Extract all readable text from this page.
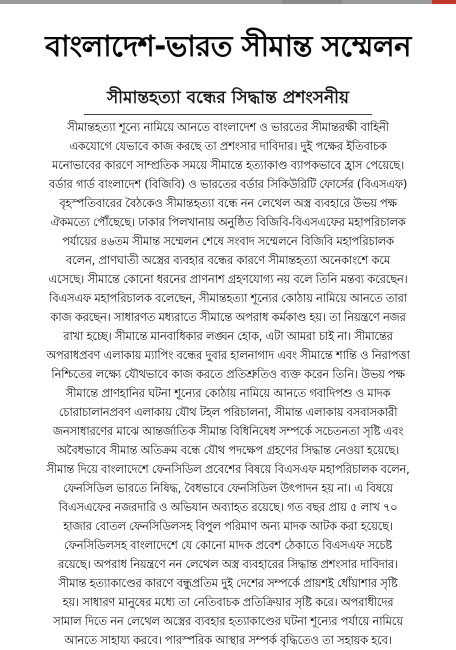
বাংলাদেশ-ভারত সীমান্ত সম্মেলন
সীমান্তহত্যা বন্ধের সিদ্ধান্ত প্রশংসনীয়
সীমান্তহত্যা শূন্যে নামিয়ে আনতে বাংলাদেশ ও ভারতের সীমান্তরক্ষী বাহিনী
একযোগে যেভাবে কাজ করছে তা প্রশংসার দাবিদার। দুই পক্ষের ইতিবাচক
মনোভাবের কারণে সাম্প্রতিক সময়ে সীমান্তে হত্যাকাণ্ড ব্যাপকভাবে হ্রাস পেয়েছে।
বর্ডার গার্ড বাংলাদেশ (বিজিবি) ও ভারতের বর্ডার সিকিউরিটি ফোর্সের (বিএসএফ)
বৃহস্পতিবারের বৈঠকেও সীমান্তহত্যা বন্ধে নন লেথেল অস্ত্র ব্যবহারে উভয় পক্ষ
ঐকমত্যে পৌঁছেছে। ঢাকার পিলখানায় অনুষ্ঠিত বিজিবি-বিএসএফের মহাপরিচালক
পর্যায়ের ৪৬তম সীমান্ত সম্মেলন শেষে সংবাদ সম্মেলনে বিজিবি মহাপরিচালক
বলেন, প্রাণঘাতী অস্ত্রের ব্যবহার বন্ধের কারণে সীমান্তহত্যা অনেকাংশে কমে
এসেছে। সীমান্তে কোনো ধরনের প্রাণনাশ গ্রহণযোগ্য নয় বলে তিনি মন্তব্য করেছেন।
বিএসএফ মহাপরিচালক বলেছেন, সীমান্তহত্যা শূন্যের কোঠায় নামিয়ে আনতে তারা
কাজ করছেন। সাধারণত মধ্যরাতে সীমান্তে অপরাধ কর্মকাণ্ড হয়। তা নিয়ন্ত্রণে নজর
রাখা হচ্ছে। সীমান্তে মানবাধিকার লঙ্ঘন হোক, এটা আমরা চাই না। সীমান্তের
অপরাধপ্রবণ এলাকায় ম্যাপিং বন্ধের দুবার হালনাগাদ এবং সীমান্তে শান্তি ও নিরাপত্তা
নিশ্চিতের লক্ষ্যে যৌথভাবে কাজ করতে প্রতিশ্রুতিও ব্যক্ত করেন তিনি। উভয় পক্ষ
সীমান্তে প্রাণহানির ঘটনা শূন্যের কোঠায় নামিয়ে আনতে গবাদিপশু ও মাদক
চোরাচালানপ্রবণ এলাকায় যৌথ টহল পরিচালনা, সীমান্ত এলাকায় বসবাসকারী
জনসাধারণের মাঝে আন্তর্জাতিক সীমান্ত বিধিনিষেধ সম্পর্কে সচেতনতা সৃষ্টি এবং
অবৈধভাবে সীমান্ত অতিক্রম বন্ধে যৌথ পদক্ষেপ গ্রহণের সিদ্ধান্ত নেওয়া হয়েছে।
সীমান্ত দিয়ে বাংলাদেশে ফেনসিডিল প্রবেশের বিষয়ে বিএসএফ মহাপরিচালক বলেন,
ফেনসিডিল ভারতে নিষিদ্ধ, বৈধভাবে ফেনসিডিল উৎপাদন হয় না। এ বিষয়ে
বিএসএফের নজরদারি ও অভিযান অব্যাহত রয়েছে। গত বছর প্রায় ৫ লাখ ৭০
হাজার বোতল ফেনসিডিলসহ বিপুল পরিমাণ অন্য মাদক আটক করা হয়েছে।
ফেনসিডিলসহ বাংলাদেশে যে কোনো মাদক প্রবেশ ঠেকাতে বিএসএফ সচেষ্ট
রয়েছে। অপরাধ নিয়ন্ত্রণে নন লেথেল অস্ত্র ব্যবহারের সিদ্ধান্ত প্রশংসার দাবিদার।
সীমান্ত হত্যাকাণ্ডের কারণে বন্ধুপ্রতিম দুই দেশের সম্পর্কে প্রায়শই ধোঁয়াশার সৃষ্টি
হয়। সাধারণ মানুষের মধ্যে তা নেতিবাচক প্রতিক্রিয়ার সৃষ্টি করে। অপরাধীদের
সামাল দিতে নন লেথেল অস্ত্রের ব্যবহার হত্যাকাণ্ডের ঘটনা শূন্যের পর্যায়ে নামিয়ে
আনতে সাহায্য করবে। পারস্পরিক আস্থার সম্পর্ক বৃদ্ধিতেও তা সহায়ক হবে।
